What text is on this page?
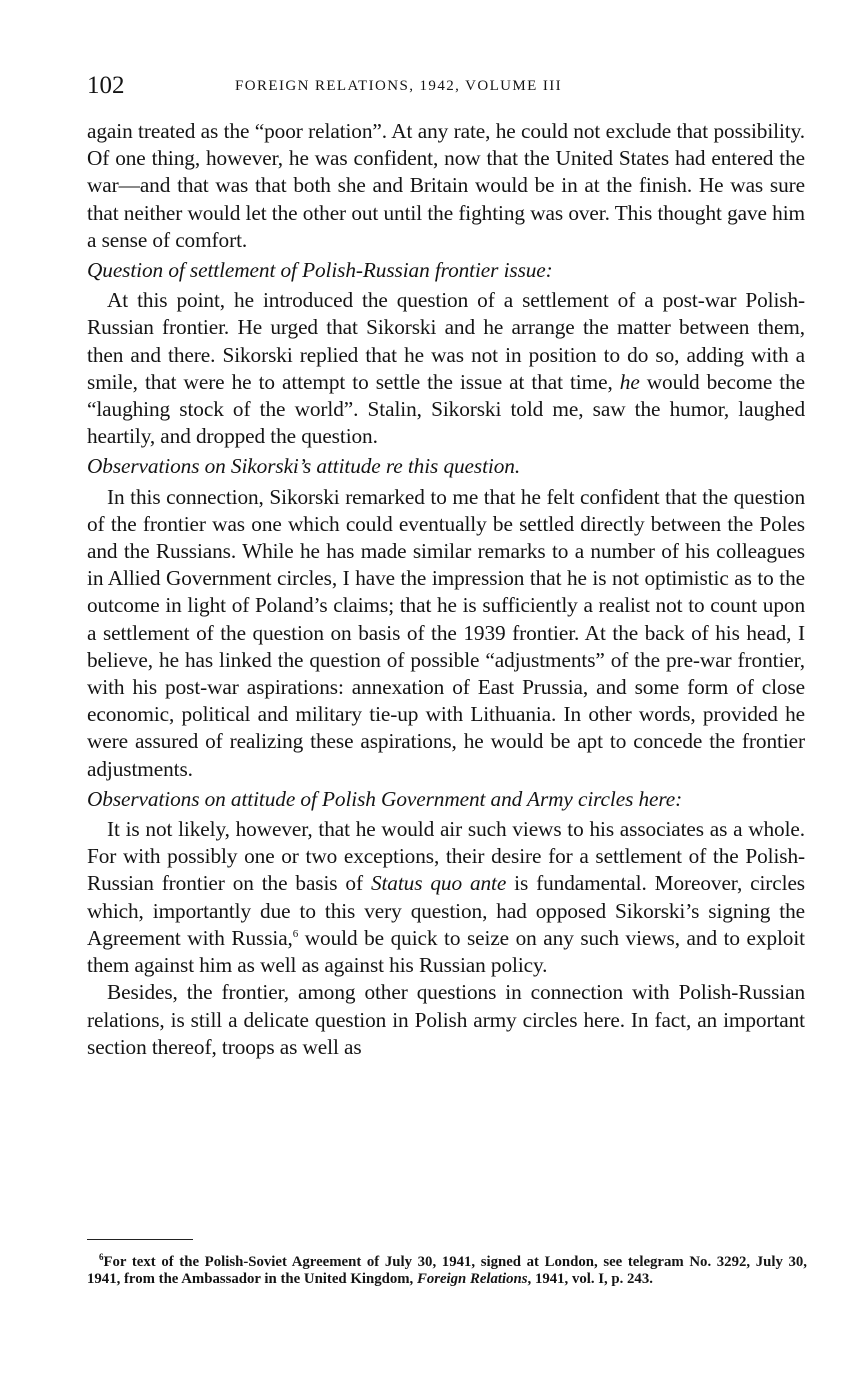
102	FOREIGN RELATIONS, 1942, VOLUME III

again treated as the “poor relation”. At any rate, he could not exclude that possibility. Of one thing, however, he was confident, now that the United States had entered the war—and that was that both she and Britain would be in at the finish. He was sure that neither would let the other out until the fighting was over. This thought gave him a sense of comfort.

Question of settlement of Polish-Russian frontier issue:

At this point, he introduced the question of a settlement of a post-war Polish-Russian frontier. He urged that Sikorski and he arrange the matter between them, then and there. Sikorski replied that he was not in position to do so, adding with a smile, that were he to attempt to settle the issue at that time, he would become the “laughing stock of the world”. Stalin, Sikorski told me, saw the humor, laughed heartily, and dropped the question.

Observations on Sikorski’s attitude re this question.

In this connection, Sikorski remarked to me that he felt confident that the question of the frontier was one which could eventually be settled directly between the Poles and the Russians. While he has made similar remarks to a number of his colleagues in Allied Government circles, I have the impression that he is not optimistic as to the outcome in light of Poland’s claims; that he is sufficiently a realist not to count upon a settlement of the question on basis of the 1939 frontier. At the back of his head, I believe, he has linked the question of possible “adjustments” of the pre-war frontier, with his post-war aspirations: annexation of East Prussia, and some form of close economic, political and military tie-up with Lithuania. In other words, provided he were assured of realizing these aspirations, he would be apt to concede the frontier adjustments.

Observations on attitude of Polish Government and Army circles here:

It is not likely, however, that he would air such views to his associates as a whole. For with possibly one or two exceptions, their desire for a settlement of the Polish-Russian frontier on the basis of Status quo ante is fundamental. Moreover, circles which, importantly due to this very question, had opposed Sikorski’s signing the Agreement with Russia,$^6$ would be quick to seize on any such views, and to exploit them against him as well as against his Russian policy.

Besides, the frontier, among other questions in connection with Polish-Russian relations, is still a delicate question in Polish army circles here. In fact, an important section thereof, troops as well as

$^6$For text of the Polish-Soviet Agreement of July 30, 1941, signed at London, see telegram No. 3292, July 30, 1941, from the Ambassador in the United Kingdom, Foreign Relations, 1941, vol. I, p. 243.
